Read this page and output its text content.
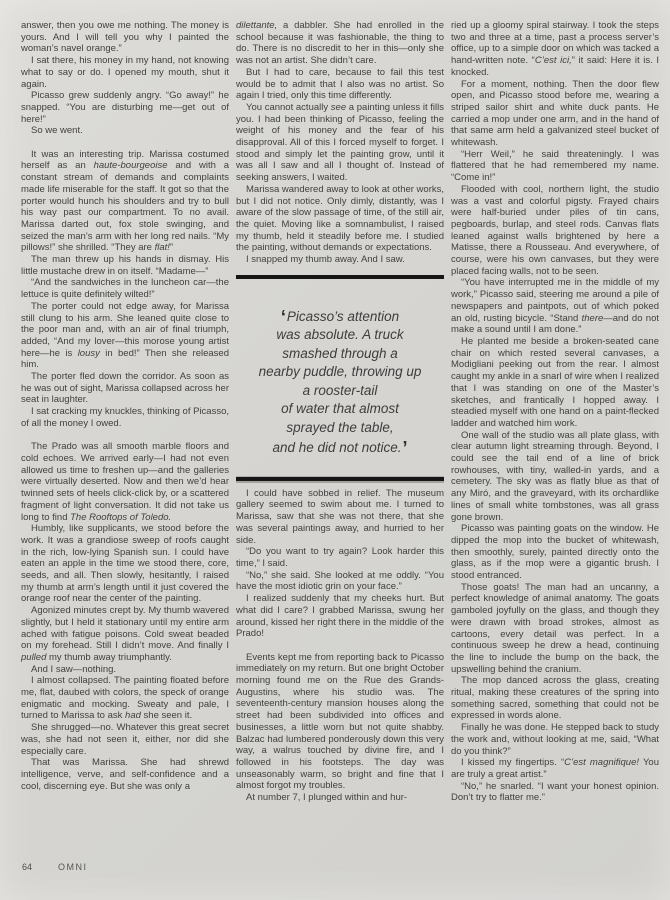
answer, then you owe me nothing. The money is yours. And I will tell you why I painted the woman’s navel orange.”

I sat there, his money in my hand, not knowing what to say or do. I opened my mouth, shut it again.

Picasso grew suddenly angry. “Go away!” he snapped. “You are disturbing me—get out of here!”

So we went.

It was an interesting trip. Marissa costumed herself as an haute-bourgeoise and with a constant stream of demands and complaints made life miserable for the staff. It got so that the porter would hunch his shoulders and try to bull his way past our compartment. To no avail. Marissa darted out, fox stole swinging, and seized the man’s arm with her long red nails. “My pillows!” she shrilled. “They are flat!”

The man threw up his hands in dismay. His little mustache drew in on itself. “Madame—”

“And the sandwiches in the luncheon car—the lettuce is quite definitely wilted!”

The porter could not edge away, for Marissa still clung to his arm. She leaned quite close to the poor man and, with an air of final triumph, added, “And my lover—this morose young artist here—he is lousy in bed!” Then she released him.

The porter fled down the corridor. As soon as he was out of sight, Marissa collapsed across her seat in laughter.

I sat cracking my knuckles, thinking of Picasso, of all the money I owed.

The Prado was all smooth marble floors and cold echoes. We arrived early—I had not even allowed us time to freshen up—and the galleries were virtually deserted. Now and then we’d hear twinned sets of heels click-click by, or a scattered fragment of light conversation. It did not take us long to find The Rooftops of Toledo.

Humbly, like supplicants, we stood before the work. It was a grandiose sweep of roofs caught in the rich, low-lying Spanish sun. I could have eaten an apple in the time we stood there, core, seeds, and all. Then slowly, hesitantly, I raised my thumb at arm’s length until it just covered the orange roof near the center of the painting.

Agonized minutes crept by. My thumb wavered slightly, but I held it stationary until my entire arm ached with fatigue poisons. Cold sweat beaded on my forehead. Still I didn’t move. And finally I pulled my thumb away triumphantly.

And I saw—nothing.

I almost collapsed. The painting floated before me, flat, daubed with colors, the speck of orange enigmatic and mocking. Sweaty and pale, I turned to Marissa to ask had she seen it.

She shrugged—no. Whatever this great secret was, she had not seen it, either, nor did she especially care.

That was Marissa. She had shrewd intelligence, verve, and self-confidence and a cool, discerning eye. But she was only a

dilettante, a dabbler. She had enrolled in the school because it was fashionable, the thing to do. There is no discredit to her in this—only she was not an artist. She didn’t care.

But I had to care, because to fail this test would be to admit that I also was no artist. So again I tried, only this time differently.

You cannot actually see a painting unless it fills you. I had been thinking of Picasso, feeling the weight of his money and the fear of his disapproval. All of this I forced myself to forget. I stood and simply let the painting grow, until it was all I saw and all I thought of. Instead of seeking answers, I waited.

Marissa wandered away to look at other works, but I did not notice. Only dimly, distantly, was I aware of the slow passage of time, of the still air, the quiet. Moving like a somnambulist, I raised my thumb, held it steadily before me. I studied the painting, without demands or expectations.

I snapped my thumb away. And I saw.

‘Picasso’s attention
was absolute. A truck
smashed through a
nearby puddle, throwing up
a rooster-tail
of water that almost
sprayed the table,
and he did not notice.’

I could have sobbed in relief. The museum gallery seemed to swim about me. I turned to Marissa, saw that she was not there, that she was several paintings away, and hurried to her side.

“Do you want to try again? Look harder this time,” I said.

“No,” she said. She looked at me oddly. “You have the most idiotic grin on your face.”

I realized suddenly that my cheeks hurt. But what did I care? I grabbed Marissa, swung her around, kissed her right there in the middle of the Prado!

Events kept me from reporting back to Picasso immediately on my return. But one bright October morning found me on the Rue des Grands-Augustins, where his studio was. The seventeenth-century mansion houses along the street had been subdivided into offices and businesses, a little worn but not quite shabby. Balzac had lumbered ponderously down this very way, a walrus touched by divine fire, and I followed in his footsteps. The day was unseasonably warm, so bright and fine that I almost forgot my troubles.

At number 7, I plunged within and hur-

ried up a gloomy spiral stairway. I took the steps two and three at a time, past a process server’s office, up to a simple door on which was tacked a hand-written note. “C’est ici,” it said: Here it is. I knocked.

For a moment, nothing. Then the door flew open, and Picasso stood before me, wearing a striped sailor shirt and white duck pants. He carried a mop under one arm, and in the hand of that same arm held a galvanized steel bucket of whitewash.

“Herr Weil,” he said threateningly. I was flattered that he had remembered my name. “Come in!”

Flooded with cool, northern light, the studio was a vast and colorful pigsty. Frayed chairs were half-buried under piles of tin cans, pegboards, burlap, and steel rods. Canvas flats leaned against walls brightened by here a Matisse, there a Rousseau. And everywhere, of course, were his own canvases, but they were placed facing walls, not to be seen.

“You have interrupted me in the middle of my work,” Picasso said, steering me around a pile of newspapers and paintpots, out of which poked an old, rusting bicycle. “Stand there—and do not make a sound until I am done.”

He planted me beside a broken-seated cane chair on which rested several canvases, a Modigliani peeking out from the rear. I almost caught my ankle in a snarl of wire when I realized that I was standing on one of the Master’s sketches, and frantically I hopped away. I steadied myself with one hand on a paint-flecked ladder and watched him work.

One wall of the studio was all plate glass, with clear autumn light streaming through. Beyond, I could see the tail end of a line of brick rowhouses, with tiny, walled-in yards, and a cemetery. The sky was as flatly blue as that of any Miró, and the graveyard, with its orchardlike lines of small white tombstones, was all grass gone brown.

Picasso was painting goats on the window. He dipped the mop into the bucket of whitewash, then smoothly, surely, painted directly onto the glass, as if the mop were a gigantic brush. I stood entranced.

Those goats! The man had an uncanny, a perfect knowledge of animal anatomy. The goats gamboled joyfully on the glass, and though they were drawn with broad strokes, almost as cartoons, every detail was perfect. In a continuous sweep he drew a head, continuing the line to include the bump on the back, the upswelling behind the cranium.

The mop danced across the glass, creating ritual, making these creatures of the spring into something sacred, something that could not be expressed in words alone.

Finally he was done. He stepped back to study the work and, without looking at me, said, “What do you think?”

I kissed my fingertips. “C’est magnifique! You are truly a great artist.”

“No,” he snarled. “I want your honest opinion. Don’t try to flatter me.”

64	OMNI
